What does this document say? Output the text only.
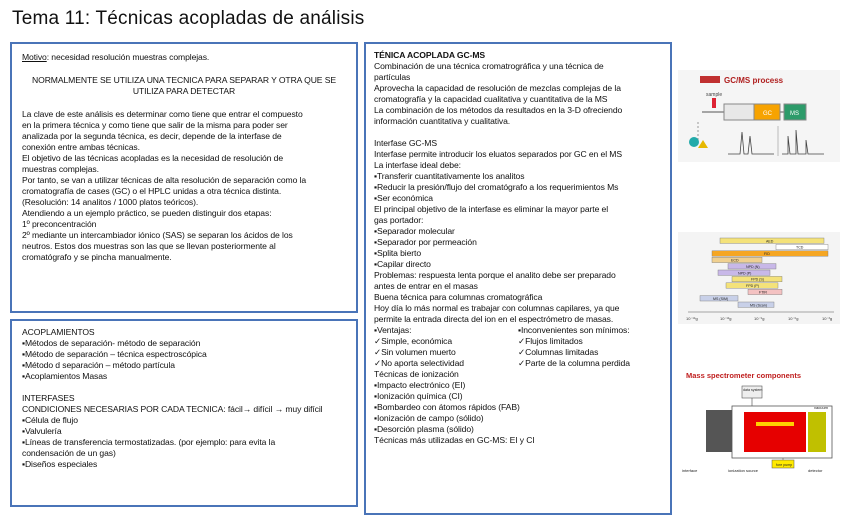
Tema 11: Técnicas acopladas de análisis
Motivo: necesidad resolución muestras complejas.
NORMALMENTE SE UTILIZA UNA TECNICA PARA SEPARAR Y OTRA QUE SE
UTILIZA PARA DETECTAR
La clave de este análisis es determinar como tiene que entrar el compuesto
en la primera técnica y como tiene que salir de la misma para poder ser
analizada por la segunda técnica, es decir, depende de la interfase de
conexión entre ambas técnicas.
El objetivo de las técnicas acopladas es la necesidad de resolución de
muestras complejas.
Por tanto, se van a utilizar técnicas de alta resolución de separación como la
cromatografía de cases (GC) o el HPLC unidas a otra técnica distinta.
(Resolución: 14 analitos / 1000 platos teóricos).
Atendiendo a un ejemplo práctico, se pueden distinguir dos etapas:
1º preconcentración
2º mediante un intercambiador iónico (SAS) se separan los ácidos de los
neutros. Estos dos muestras son las que se llevan posteriormente al
cromatógrafo y se pincha manualmente.
ACOPLAMIENTOS
▪Métodos de separación- método de separación
▪Método de separación – técnica espectroscópica
▪Método d separación – método partícula
▪Acoplamientos Masas
INTERFASES
CONDICIONES NECESARIAS POR CADA TECNICA: fácil→ difícil → muy difícil
▪Célula de flujo
▪Valvulería
▪Líneas de transferencia termostatizadas. (por ejemplo: para evita la
condensación de un gas)
▪Diseños especiales
TÉNICA ACOPLADA GC-MS
Combinación de una técnica cromatrográfica y una técnica de
partículas
Aprovecha la capacidad de resolución de mezclas complejas de la
cromatografía y la capacidad cualitativa y cuantitativa de la MS
La combinación de los métodos da resultados en la 3-D ofreciendo
información cuantitativa y cualitativa.
Interfase GC-MS
Interfase permite introducir los eluatos separados por GC en el MS
La interfase ideal debe:
▪Transferir cuantitativamente los analitos
▪Reducir la presión/flujo del cromatógrafo a los requerimientos Ms
▪Ser económica
El principal objetivo de la interfase es eliminar la mayor parte el
gas portador:
▪Separador molecular
▪Separador por permeación
▪Splita bierto
▪Capilar directo
Problemas: respuesta lenta porque el analito debe ser preparado
antes de entrar en el masas
Buena técnica para columnas cromatográfica
Hoy día lo más normal es trabajar con columnas capilares, ya que
permite la entrada directa del ion en el espectrómetro de masas.
▪Ventajas:
✓Simple, económica
✓Sin volumen muerto
✓No aporta selectividad
▪Inconvenientes son mínimos:
✓Flujos limitados
✓Columnas limitadas
✓Parte de la columna perdida
Técnicas de ionización
▪Impacto electrónico (EI)
▪Ionización química (CI)
▪Bombardeo con átomos rápidos (FAB)
▪Ionización de campo (sólido)
▪Desorción plasma (sólido)
Técnicas más utilizadas en GC-MS: EI y CI
GC/MS process
sample
GC	MS
AED
TCD
FID
ECD
NPD (N)
NPD (P)
FPD (S)
FPD (P)
FTIR
MS (SIM)
MS (Scan)
10⁻¹⁵g	10⁻¹²g	10⁻⁹g	10⁻⁶g	10⁻³g
Mass spectrometer components
data system
vacuum
fore pump
interface	ionization source	detector
